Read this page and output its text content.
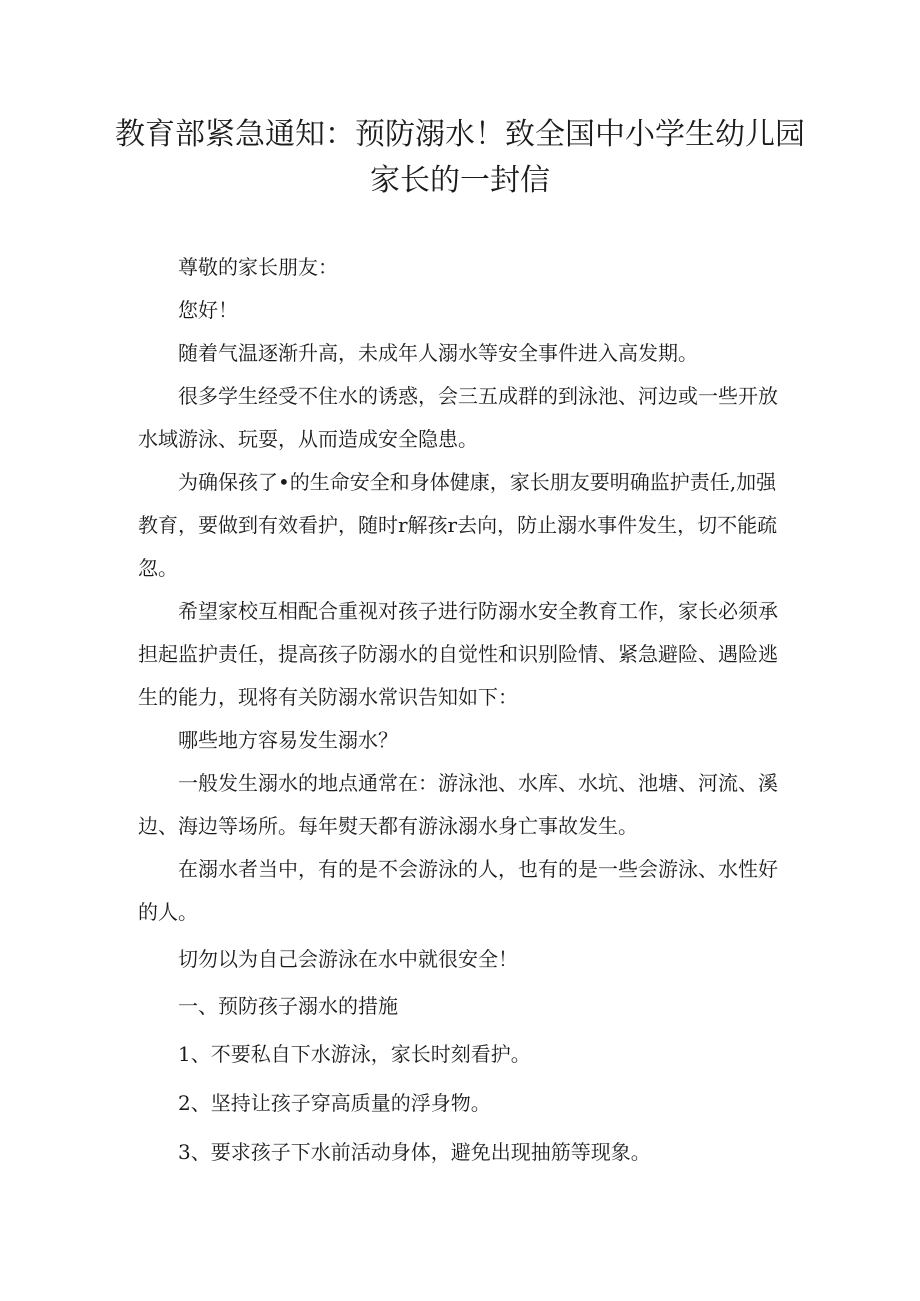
教育部紧急通知：预防溺水！致全国中小学生幼儿园
家长的一封信

尊敬的家长朋友：

您好！

随着气温逐渐升高，未成年人溺水等安全事件进入高发期。

很多学生经受不住水的诱惑，会三五成群的到泳池、河边或一些开放水域游泳、玩耍，从而造成安全隐患。

为确保孩了•的生命安全和身体健康，家长朋友要明确监护责任,加强教育，要做到有效看护，随时r解孩r去向，防止溺水事件发生，切不能疏忽。

希望家校互相配合重视对孩子进行防溺水安全教育工作，家长必须承担起监护责任，提高孩子防溺水的自觉性和识别险情、紧急避险、遇险逃生的能力，现将有关防溺水常识告知如下：

哪些地方容易发生溺水？

一般发生溺水的地点通常在：游泳池、水库、水坑、池塘、河流、溪边、海边等场所。每年熨天都有游泳溺水身亡事故发生。

在溺水者当中，有的是不会游泳的人，也有的是一些会游泳、水性好的人。

切勿以为自己会游泳在水中就很安全！

一、预防孩子溺水的措施

1、不要私自下水游泳，家长时刻看护。

2、坚持让孩子穿高质量的浮身物。

3、要求孩子下水前活动身体，避免出现抽筋等现象。
